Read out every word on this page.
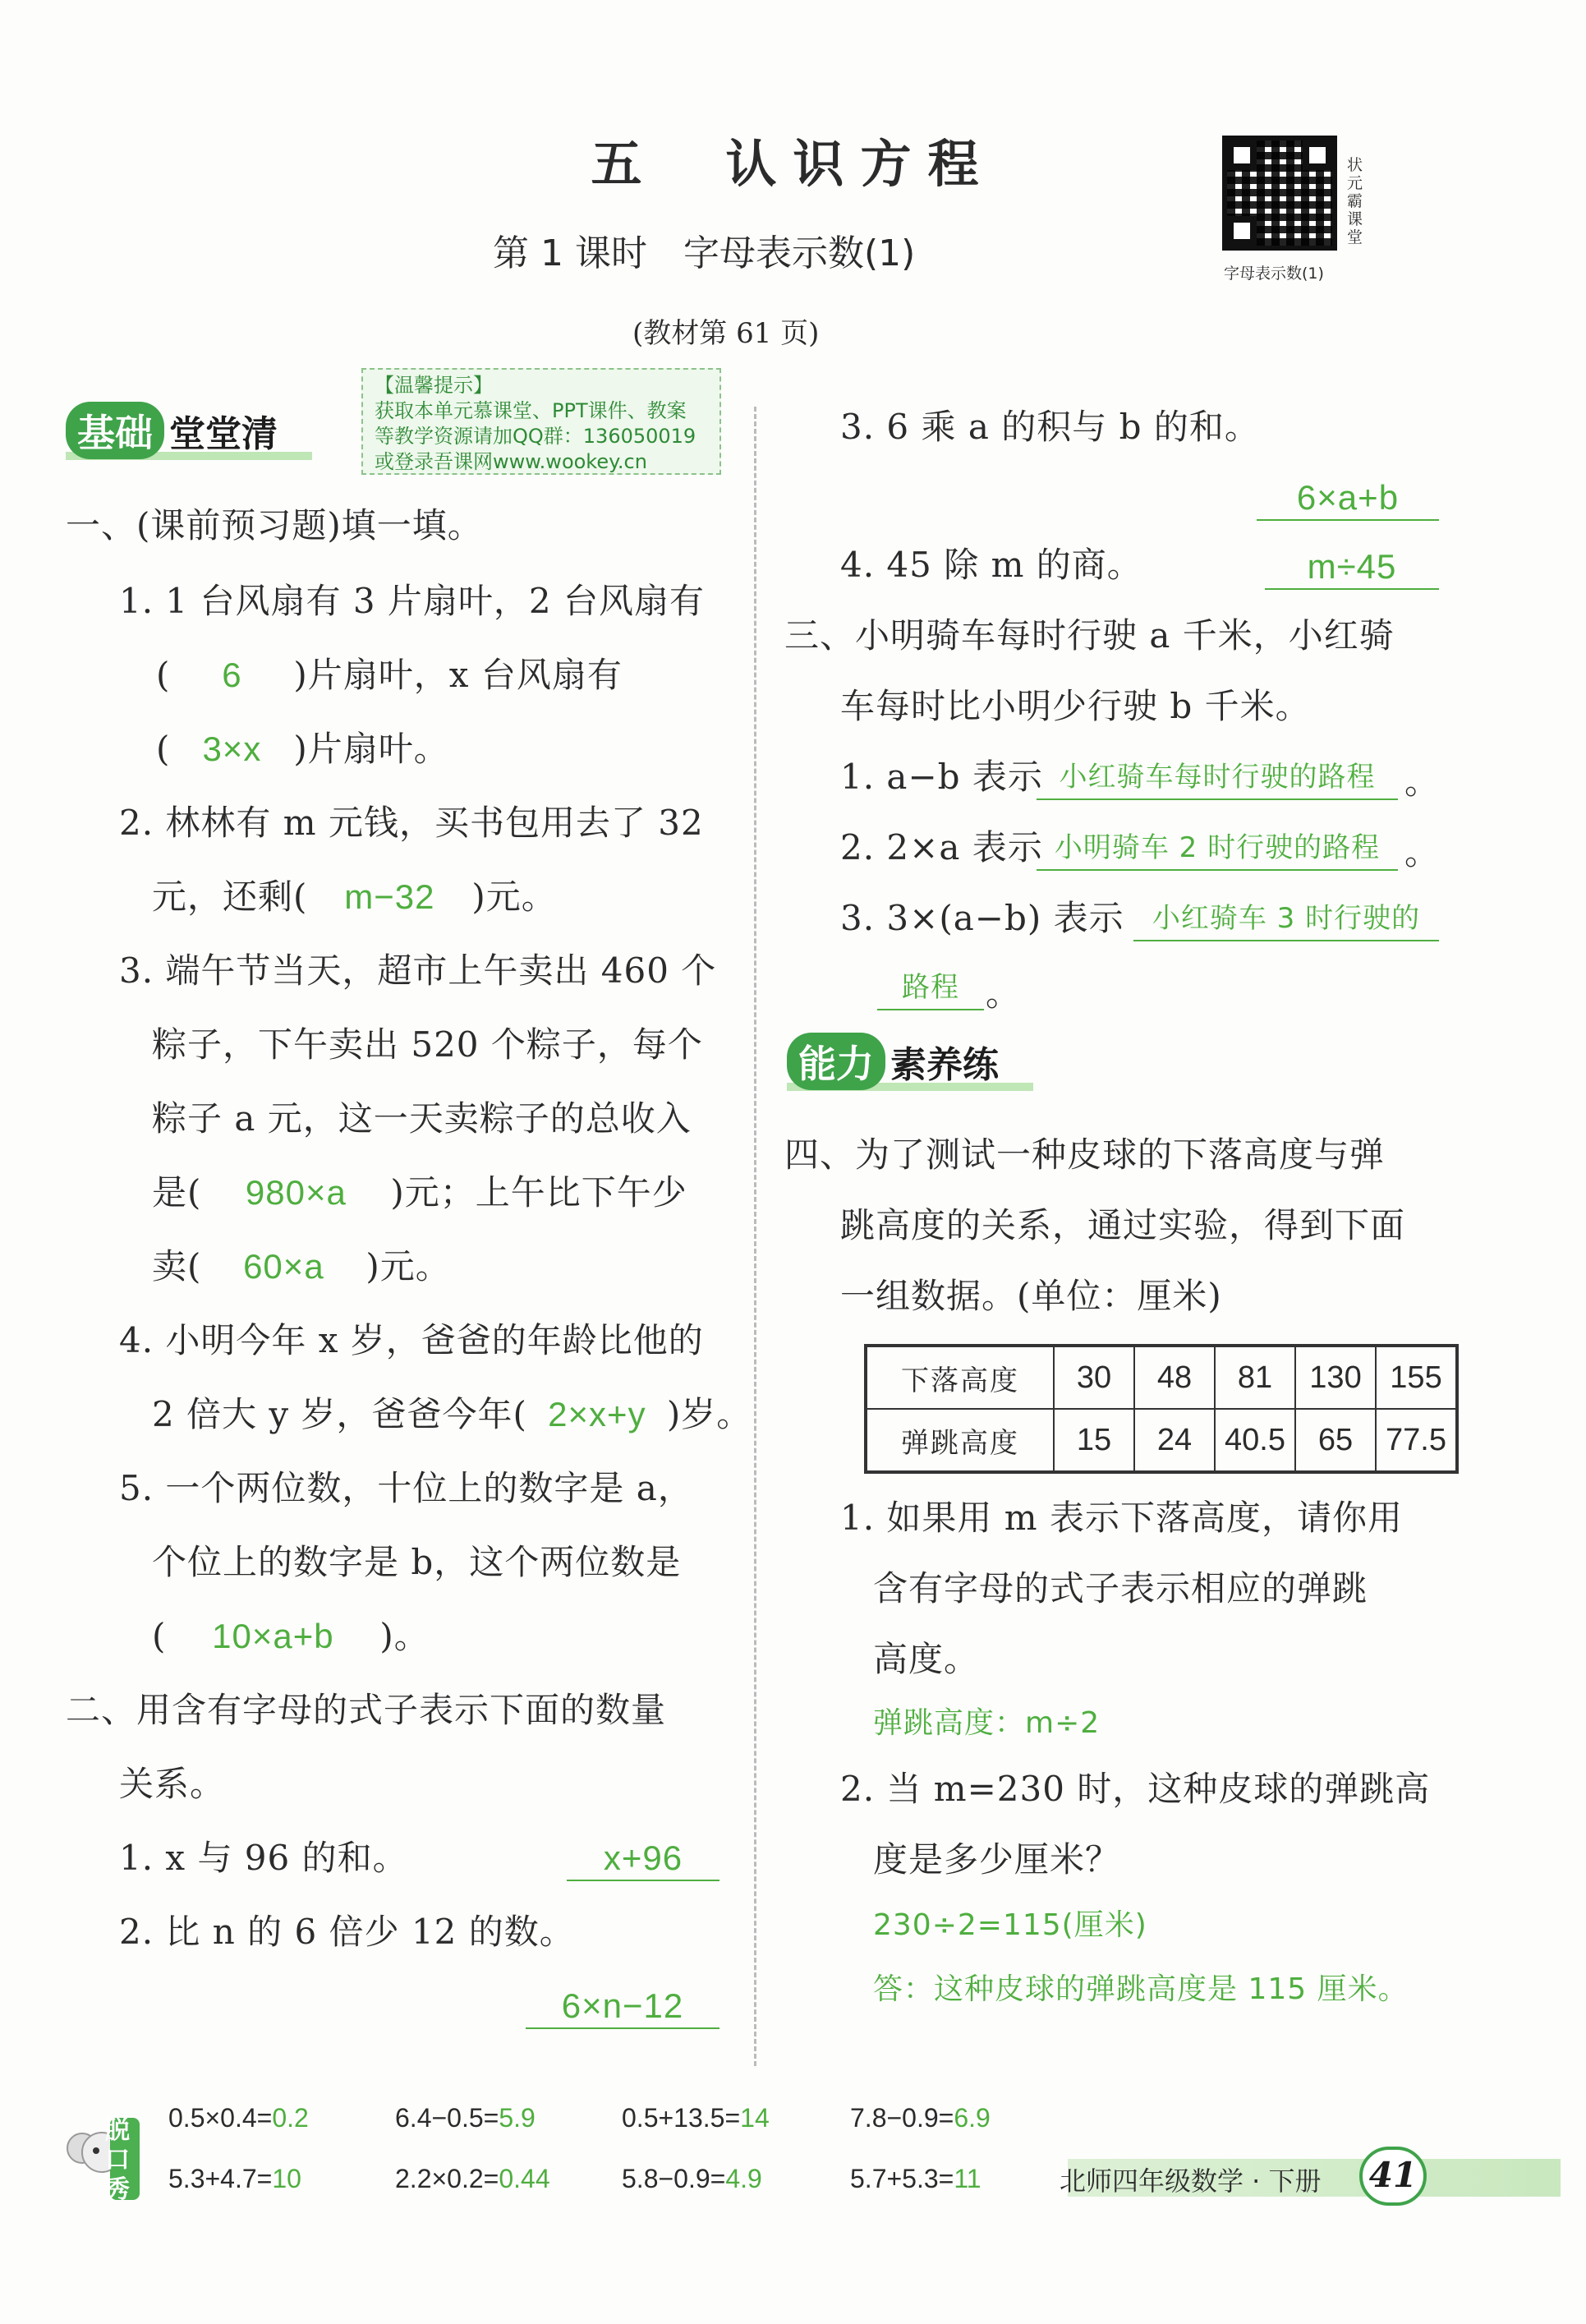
五　认识方程
第 1 课时　字母表示数(1)
(教材第 61 页)
状元霸课堂
字母表示数(1)
【温馨提示】
获取本单元慕课堂、PPT课件、教案
等教学资源请加QQ群：136050019
或登录吾课网www.wookey.cn
基础 堂堂清
一、(课前预习题)填一填。
1. 1 台风扇有 3 片扇叶，2 台风扇有
( 6 )片扇叶，x 台风扇有
( 3×x )片扇叶。
2. 林林有 m 元钱，买书包用去了 32
元，还剩( m−32 )元。
3. 端午节当天，超市上午卖出 460 个
粽子，下午卖出 520 个粽子，每个
粽子 a 元，这一天卖粽子的总收入
是( 980×a )元；上午比下午少
卖( 60×a )元。
4. 小明今年 x 岁，爸爸的年龄比他的
2 倍大 y 岁，爸爸今年( 2×x+y )岁。
5. 一个两位数，十位上的数字是 a，
个位上的数字是 b，这个两位数是
( 10×a+b )。
二、用含有字母的式子表示下面的数量
关系。
1. x 与 96 的和。	x+96
2. 比 n 的 6 倍少 12 的数。
6×n−12
3. 6 乘 a 的积与 b 的和。
6×a+b
4. 45 除 m 的商。	m÷45
三、小明骑车每时行驶 a 千米，小红骑
车每时比小明少行驶 b 千米。
1. a−b 表示 小红骑车每时行驶的路程 。
2. 2×a 表示 小明骑车 2 时行驶的路程 。
3. 3×(a−b) 表示	小红骑车 3 时行驶的
路程 。
能力 素养练
四、为了测试一种皮球的下落高度与弹
跳高度的关系，通过实验，得到下面
一组数据。(单位：厘米)
下落高度	30	48	81	130	155
弹跳高度	15	24	40.5	65	77.5
1. 如果用 m 表示下落高度，请你用
含有字母的式子表示相应的弹跳
高度。
弹跳高度：m÷2
2. 当 m=230 时，这种皮球的弹跳高
度是多少厘米？
230÷2=115(厘米)
答：这种皮球的弹跳高度是 115 厘米。
脱口秀
0.5×0.4=0.2	6.4−0.5=5.9	0.5+13.5=14	7.8−0.9=6.9
5.3+4.7=10	2.2×0.2=0.44	5.8−0.9=4.9	5.7+5.3=11	北师四年级数学 · 下册 41
